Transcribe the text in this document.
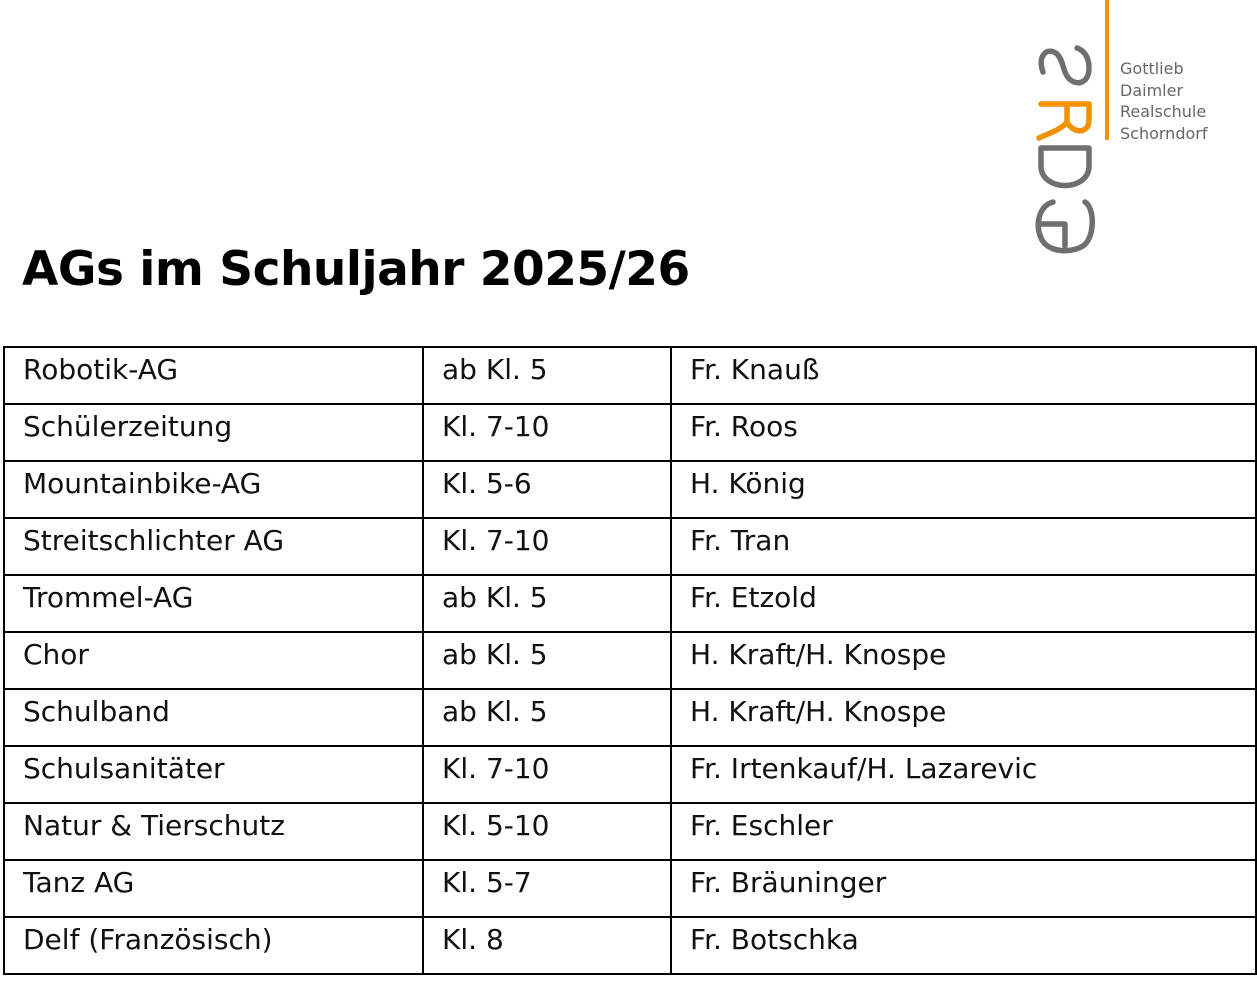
Gottlieb
Daimler
Realschule
Schorndorf
AGs im Schuljahr 2025/26
Robotik-AG	ab Kl. 5	Fr. Knauß
Schülerzeitung	Kl. 7-10	Fr. Roos
Mountainbike-AG	Kl. 5-6	H. König
Streitschlichter AG	Kl. 7-10	Fr. Tran
Trommel-AG	ab Kl. 5	Fr. Etzold
Chor	ab Kl. 5	H. Kraft/H. Knospe
Schulband	ab Kl. 5	H. Kraft/H. Knospe
Schulsanitäter	Kl. 7-10	Fr. Irtenkauf/H. Lazarevic
Natur & Tierschutz	Kl. 5-10	Fr. Eschler
Tanz AG	Kl. 5-7	Fr. Bräuninger
Delf (Französisch)	Kl. 8	Fr. Botschka
